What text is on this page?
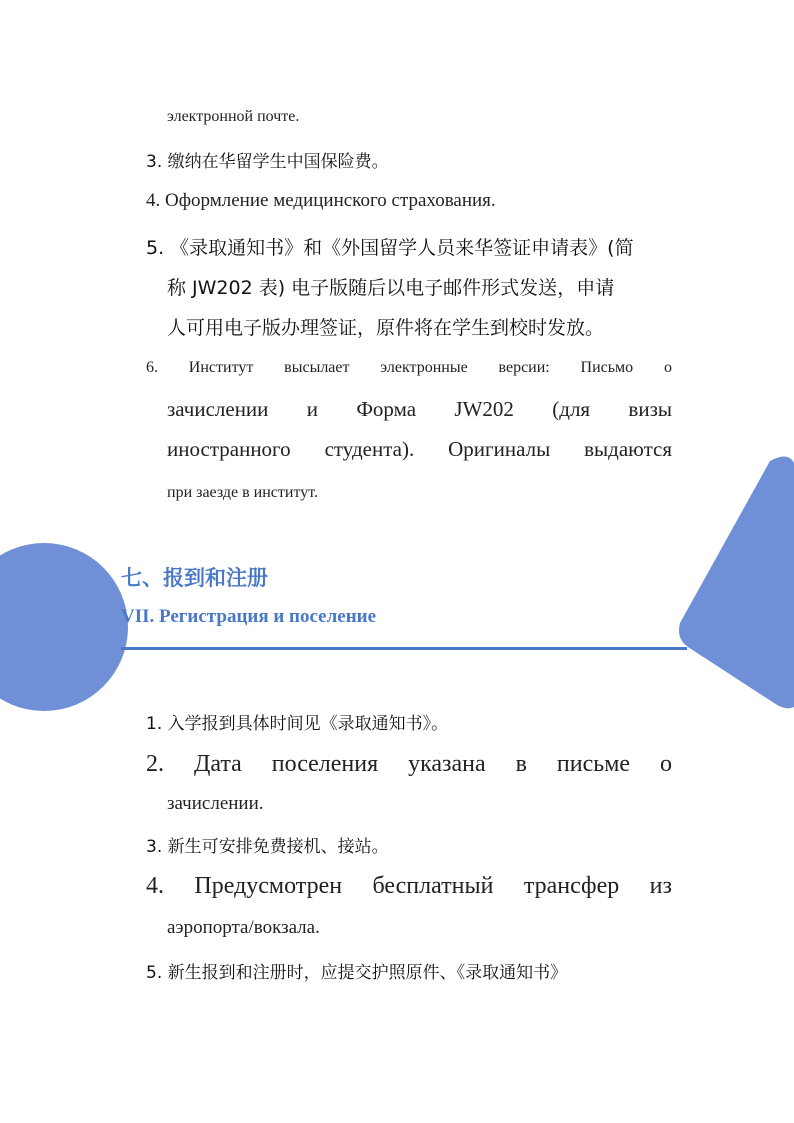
электронной почте.
3. 缴纳在华留学生中国保险费。
4. Оформление медицинского страхования.
5. 《录取通知书》和《外国留学人员来华签证申请表》(简
称 JW202 表) 电子版随后以电子邮件形式发送，申请
人可用电子版办理签证，原件将在学生到校时发放。
6. Институт высылает электронные версии: Письмо о
зачислении и Форма JW202 (для визы
иностранного студента). Оригиналы выдаются
при заезде в институт.
七、报到和注册
VII. Регистрация и поселение
1. 入学报到具体时间见《录取通知书》。
2. Дата поселения указана в письме о
зачислении.
3. 新生可安排免费接机、接站。
4. Предусмотрен бесплатный трансфер из
аэропорта/вокзала.
5. 新生报到和注册时，应提交护照原件、《录取通知书》
